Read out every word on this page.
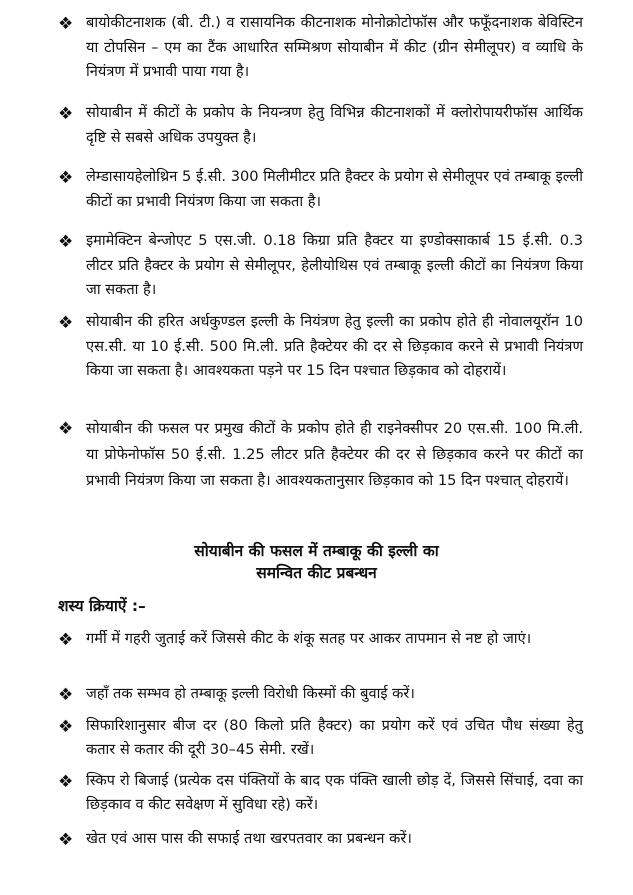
❖ बायोकीटनाशक (बी. टी.) व रासायनिक कीटनाशक मोनोक्रोटोफॉस और फफूँदनाशक बेविस्टिन या टोपसिन – एम का टैंक आधारित सम्मिश्रण सोयाबीन में कीट (ग्रीन सेमीलूपर) व व्याधि के नियंत्रण में प्रभावी पाया गया है।
❖ सोयाबीन में कीटों के प्रकोप के नियन्त्रण हेतु विभिन्न कीटनाशकों में क्लोरोपायरीफॉस आर्थिक दृष्टि से सबसे अधिक उपयुक्त है।
❖ लेम्डासायहेलोथ्रिन 5 ई.सी. 300 मिलीमीटर प्रति हैक्टर के प्रयोग से सेमीलूपर एवं तम्बाकू इल्ली कीटों का प्रभावी नियंत्रण किया जा सकता है।
❖ इमामेक्टिन बेन्जोएट 5 एस.जी. 0.18 किग्रा प्रति हैक्टर या इण्डोक्साकार्ब 15 ई.सी. 0.3 लीटर प्रति हैक्टर के प्रयोग से सेमीलूपर, हेलीयोथिस एवं तम्बाकू इल्ली कीटों का नियंत्रण किया जा सकता है।
❖ सोयाबीन की हरित अर्धकुण्डल इल्ली के नियंत्रण हेतु इल्ली का प्रकोप होते ही नोवालयूरॉन 10 एस.सी. या 10 ई.सी. 500 मि.ली. प्रति हैक्टेयर की दर से छिड़काव करने से प्रभावी नियंत्रण किया जा सकता है। आवश्यकता पड़ने पर 15 दिन पश्चात छिड़काव को दोहरायें।
❖ सोयाबीन की फसल पर प्रमुख कीटों के प्रकोप होते ही राइनेक्सीपर 20 एस.सी. 100 मि.ली. या प्रोफेनोफॉस 50 ई.सी. 1.25 लीटर प्रति हैक्टेयर की दर से छिड़काव करने पर कीटों का प्रभावी नियंत्रण किया जा सकता है। आवश्यकतानुसार छिड़काव को 15 दिन पश्चात् दोहरायें।
सोयाबीन की फसल में तम्बाकू की इल्ली का
समन्वित कीट प्रबन्धन
शस्य क्रियाऐं :–
❖ गर्मी में गहरी जुताई करें जिससे कीट के शंकू सतह पर आकर तापमान से नष्ट हो जाएं।
❖ जहाँ तक सम्भव हो तम्बाकू इल्ली विरोधी किस्मों की बुवाई करें।
❖ सिफारिशानुसार बीज दर (80 किलो प्रति हैक्टर) का प्रयोग करें एवं उचित पौध संख्या हेतु कतार से कतार की दूरी 30–45 सेमी. रखें।
❖ स्किप रो बिजाई (प्रत्येक दस पंक्तियों के बाद एक पंक्ति खाली छोड़ दें, जिससे सिंचाई, दवा का छिड़काव व कीट सवेक्षण में सुविधा रहे) करें।
❖ खेत एवं आस पास की सफाई तथा खरपतवार का प्रबन्धन करें।
